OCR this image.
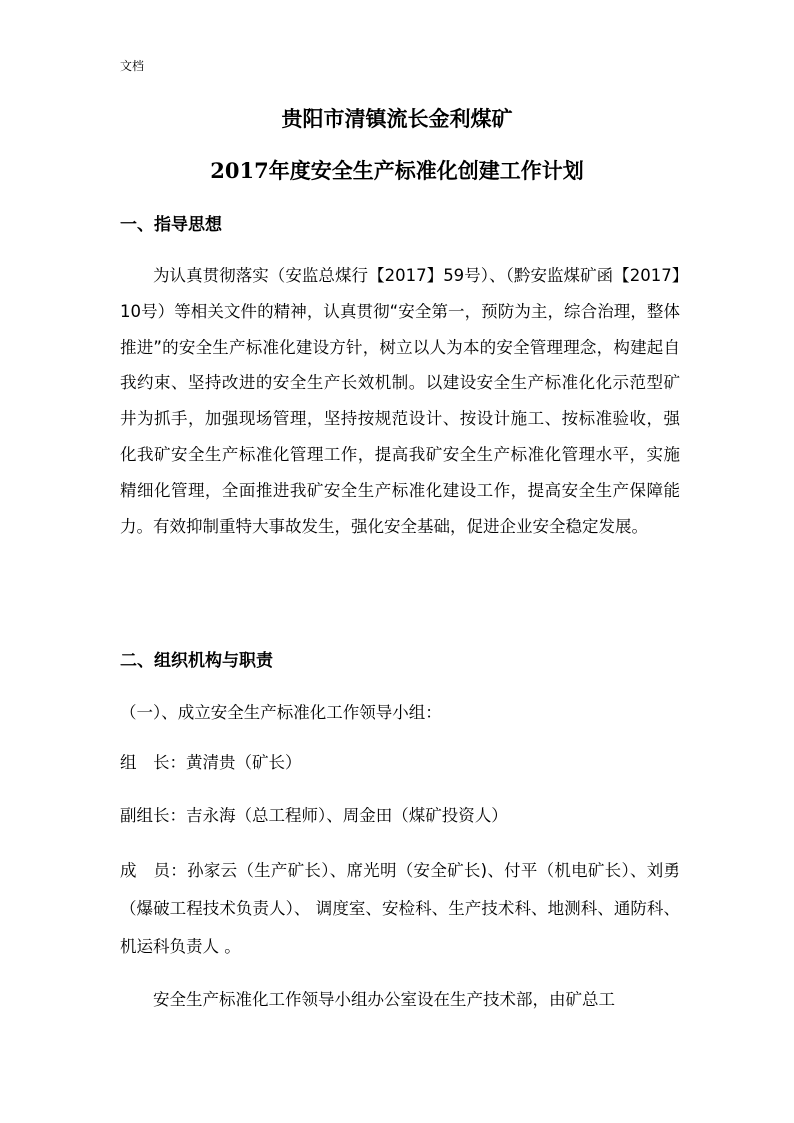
文档
贵阳市清镇流长金利煤矿
2017年度安全生产标准化创建工作计划
一、指导思想

为认真贯彻落实（安监总煤行【2017】59号）、（黔安监煤矿函【2017】10号）等相关文件的精神，认真贯彻“安全第一，预防为主，综合治理，整体推进”的安全生产标准化建设方针，树立以人为本的安全管理理念，构建起自我约束、坚持改进的安全生产长效机制。以建设安全生产标准化化示范型矿井为抓手，加强现场管理，坚持按规范设计、按设计施工、按标准验收，强化我矿安全生产标准化管理工作，提高我矿安全生产标准化管理水平，实施精细化管理，全面推进我矿安全生产标准化建设工作，提高安全生产保障能力。有效抑制重特大事故发生，强化安全基础，促进企业安全稳定发展。

二、组织机构与职责
（一）、成立安全生产标准化工作领导小组：
组　长：黄清贵（矿长）
副组长：吉永海（总工程师）、周金田（煤矿投资人）

成　员：孙家云（生产矿长）、席光明（安全矿长)、付平（机电矿长）、刘勇（爆破工程技术负责人）、 调度室、安检科、生产技术科、地测科、通防科、机运科负责人 。

安全生产标准化工作领导小组办公室设在生产技术部，由矿总工
